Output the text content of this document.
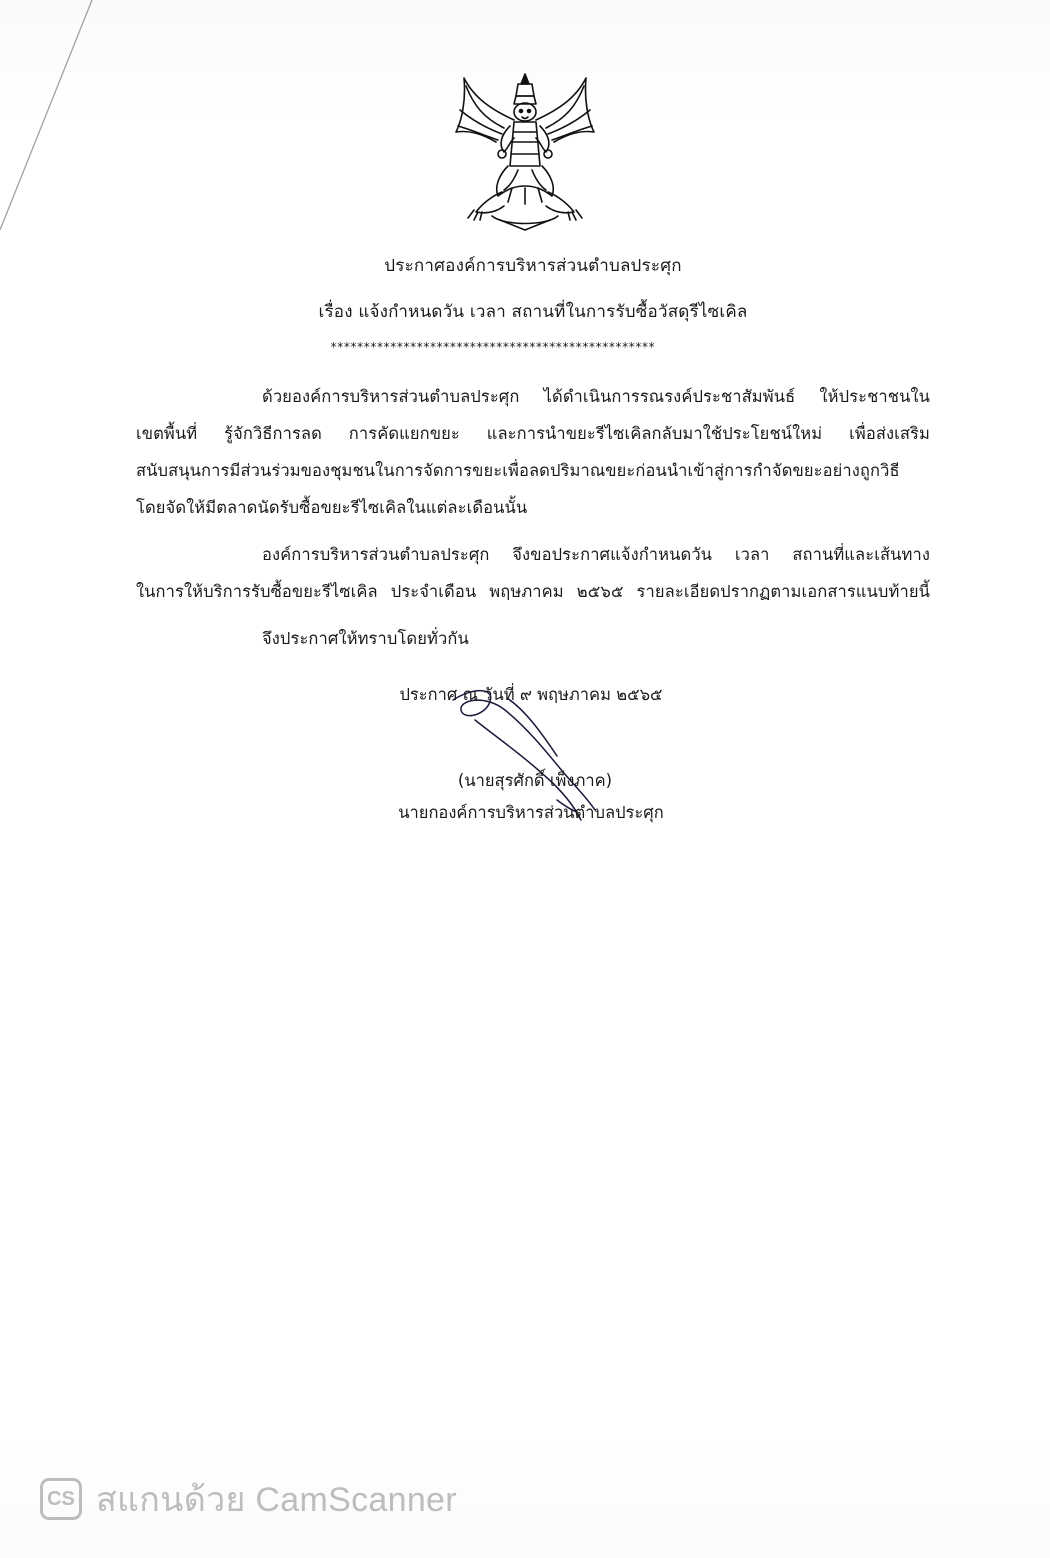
ประกาศองค์การบริหารส่วนตำบลประศุก
เรื่อง แจ้งกำหนดวัน เวลา สถานที่ในการรับซื้อวัสดุรีไซเคิล
*************************************************
ด้วยองค์การบริหารส่วนตำบลประศุก ได้ดำเนินการรณรงค์ประชาสัมพันธ์ ให้ประชาชนใน
เขตพื้นที่ รู้จักวิธีการลด การคัดแยกขยะ และการนำขยะรีไซเคิลกลับมาใช้ประโยชน์ใหม่ เพื่อส่งเสริม
สนับสนุนการมีส่วนร่วมของชุมชนในการจัดการขยะเพื่อลดปริมาณขยะก่อนนำเข้าสู่การกำจัดขยะอย่างถูกวิธี
โดยจัดให้มีตลาดนัดรับซื้อขยะรีไซเคิลในแต่ละเดือนนั้น
องค์การบริหารส่วนตำบลประศุก จึงขอประกาศแจ้งกำหนดวัน เวลา สถานที่และเส้นทาง
ในการให้บริการรับซื้อขยะรีไซเคิล ประจำเดือน พฤษภาคม ๒๕๖๕ รายละเอียดปรากฏตามเอกสารแนบท้ายนี้
จึงประกาศให้ทราบโดยทั่วกัน
ประกาศ ณ วันที่ ๙ พฤษภาคม ๒๕๖๕
(นายสุรศักดิ์ เพ็งภาค)
นายกองค์การบริหารส่วนตำบลประศุก
CS สแกนด้วย CamScanner
